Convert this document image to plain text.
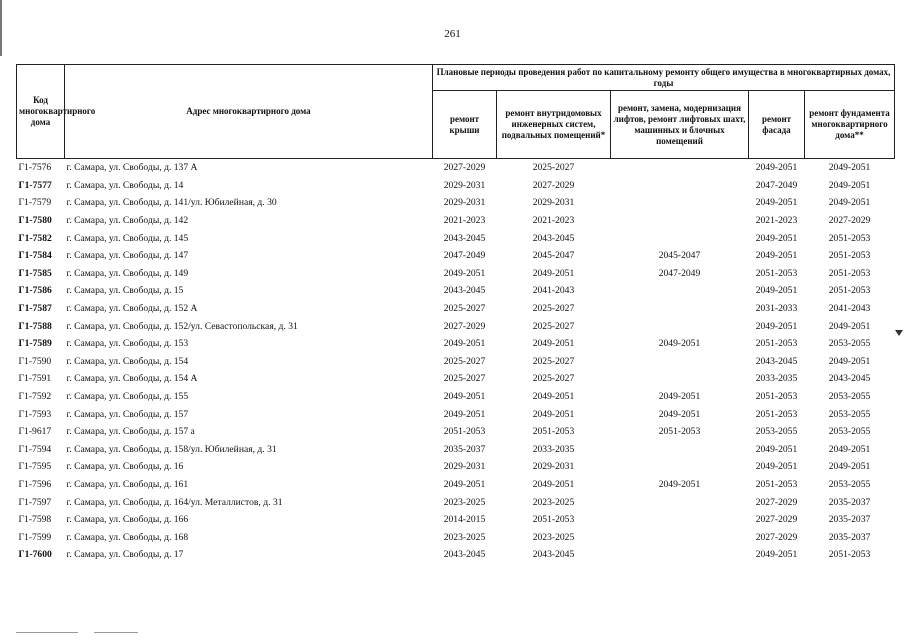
261
Код многоквартирного дома	Адрес многоквартирного дома	Плановые периоды проведения работ по капитальному ремонту общего имущества в многоквартирных домах, годы				
		ремонт крыши	ремонт внутридомовых инженерных систем, подвальных помещений*	ремонт, замена, модернизация лифтов, ремонт лифтовых шахт, машинных и блочных помещений	ремонт фасада	ремонт фундамента многоквартирного дома**
Г1-7576	г. Самара, ул. Свободы, д. 137 А	2027-2029	2025-2027		2049-2051	2049-2051
Г1-7577	г. Самара, ул. Свободы, д. 14	2029-2031	2027-2029		2047-2049	2049-2051
Г1-7579	г. Самара, ул. Свободы, д. 141/ул. Юбилейная, д. 30	2029-2031	2029-2031		2049-2051	2049-2051
Г1-7580	г. Самара, ул. Свободы, д. 142	2021-2023	2021-2023		2021-2023	2027-2029
Г1-7582	г. Самара, ул. Свободы, д. 145	2043-2045	2043-2045		2049-2051	2051-2053
Г1-7584	г. Самара, ул. Свободы, д. 147	2047-2049	2045-2047	2045-2047	2049-2051	2051-2053
Г1-7585	г. Самара, ул. Свободы, д. 149	2049-2051	2049-2051	2047-2049	2051-2053	2051-2053
Г1-7586	г. Самара, ул. Свободы, д. 15	2043-2045	2041-2043		2049-2051	2051-2053
Г1-7587	г. Самара, ул. Свободы, д. 152 А	2025-2027	2025-2027		2031-2033	2041-2043
Г1-7588	г. Самара, ул. Свободы, д. 152/ул. Севастопольская, д. 31	2027-2029	2025-2027		2049-2051	2049-2051
Г1-7589	г. Самара, ул. Свободы, д. 153	2049-2051	2049-2051	2049-2051	2051-2053	2053-2055
Г1-7590	г. Самара, ул. Свободы, д. 154	2025-2027	2025-2027		2043-2045	2049-2051
Г1-7591	г. Самара, ул. Свободы, д. 154 А	2025-2027	2025-2027		2033-2035	2043-2045
Г1-7592	г. Самара, ул. Свободы, д. 155	2049-2051	2049-2051	2049-2051	2051-2053	2053-2055
Г1-7593	г. Самара, ул. Свободы, д. 157	2049-2051	2049-2051	2049-2051	2051-2053	2053-2055
Г1-9617	г. Самара, ул. Свободы, д. 157 а	2051-2053	2051-2053	2051-2053	2053-2055	2053-2055
Г1-7594	г. Самара, ул. Свободы, д. 158/ул. Юбилейная, д. 31	2035-2037	2033-2035		2049-2051	2049-2051
Г1-7595	г. Самара, ул. Свободы, д. 16	2029-2031	2029-2031		2049-2051	2049-2051
Г1-7596	г. Самара, ул. Свободы, д. 161	2049-2051	2049-2051	2049-2051	2051-2053	2053-2055
Г1-7597	г. Самара, ул. Свободы, д. 164/ул. Металлистов, д. 31	2023-2025	2023-2025		2027-2029	2035-2037
Г1-7598	г. Самара, ул. Свободы, д. 166	2014-2015	2051-2053		2027-2029	2035-2037
Г1-7599	г. Самара, ул. Свободы, д. 168	2023-2025	2023-2025		2027-2029	2035-2037
Г1-7600	г. Самара, ул. Свободы, д. 17	2043-2045	2043-2045		2049-2051	2051-2053
